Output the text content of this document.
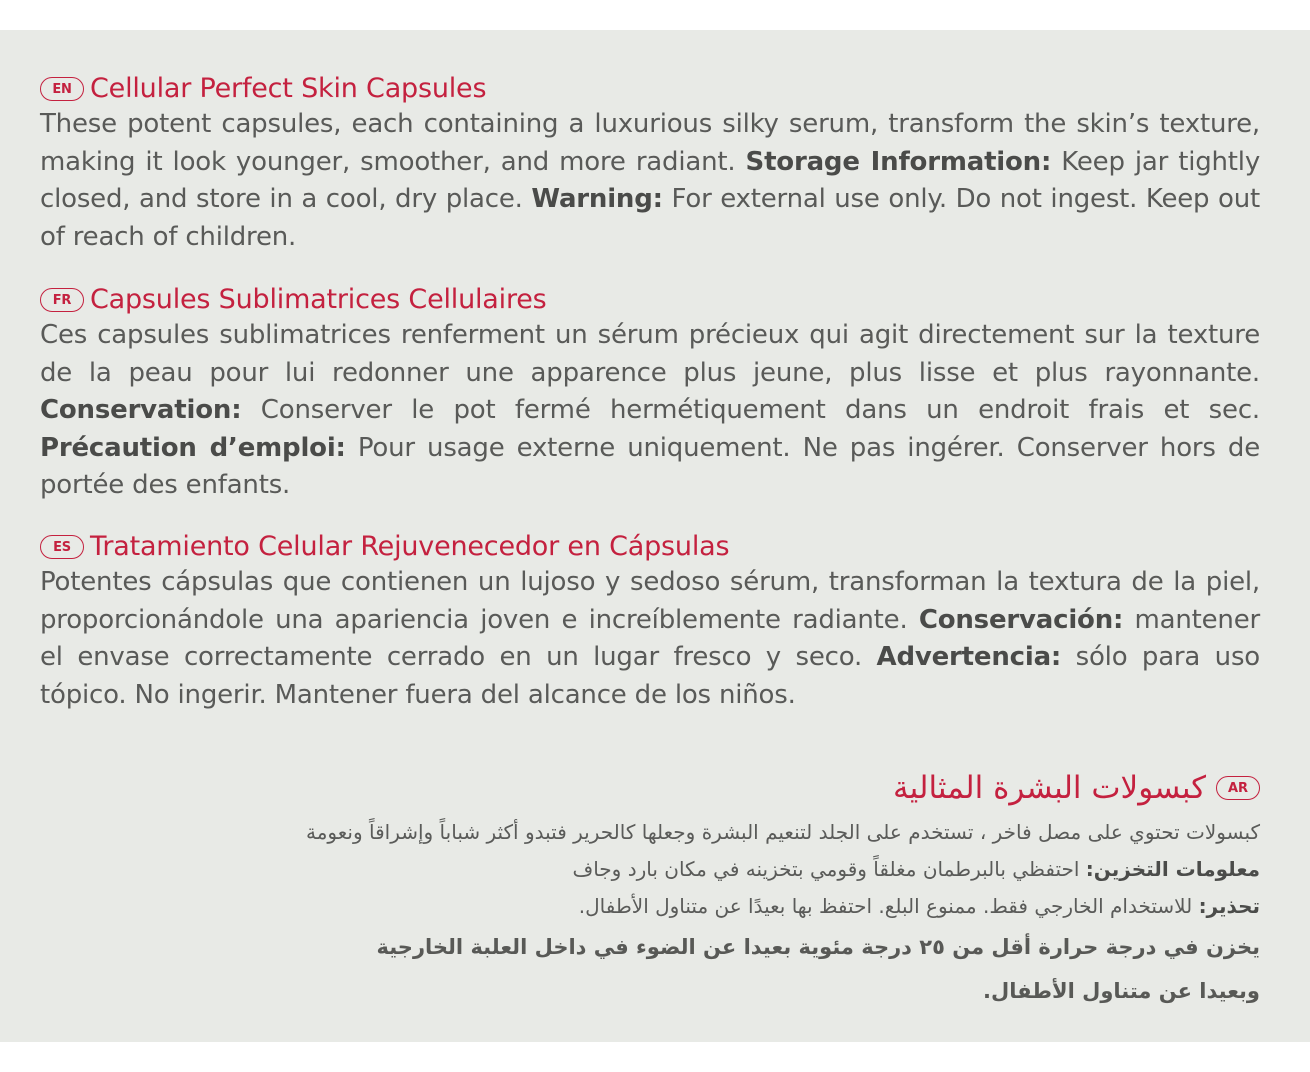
EN Cellular Perfect Skin Capsules
These potent capsules, each containing a luxurious silky serum, transform the skin’s texture, making it look younger, smoother, and more radiant. Storage Information: Keep jar tightly closed, and store in a cool, dry place. Warning: For external use only. Do not ingest. Keep out of reach of children.
FR Capsules Sublimatrices Cellulaires
Ces capsules sublimatrices renferment un sérum précieux qui agit directement sur la texture de la peau pour lui redonner une apparence plus jeune, plus lisse et plus rayonnante. Conservation: Conserver le pot fermé hermétiquement dans un endroit frais et sec. Précaution d’emploi: Pour usage externe uniquement. Ne pas ingérer. Conserver hors de portée des enfants.
ES Tratamiento Celular Rejuvenecedor en Cápsulas
Potentes cápsulas que contienen un lujoso y sedoso sérum, transforman la textura de la piel, proporcionándole una apariencia joven e increíblemente radiante. Conservación: mantener el envase correctamente cerrado en un lugar fresco y seco. Advertencia: sólo para uso tópico. No ingerir. Mantener fuera del alcance de los niños.
AR
كبسولات البشرة المثالية
كبسولات تحتوي على مصل فاخر ، تستخدم على الجلد لتنعيم البشرة وجعلها كالحرير فتبدو أكثر شباباً وإشراقاً ونعومة
معلومات التخزين: احتفظي بالبرطمان مغلقاً وقومي بتخزينه في مكان بارد وجاف
تحذير: للاستخدام الخارجي فقط. ممنوع البلع. احتفظ بها بعيدًا عن متناول الأطفال.
يخزن في درجة حرارة أقل من ٢٥ درجة مئوية بعيدا عن الضوء في داخل العلبة الخارجية
وبعيدا عن متناول الأطفال.
